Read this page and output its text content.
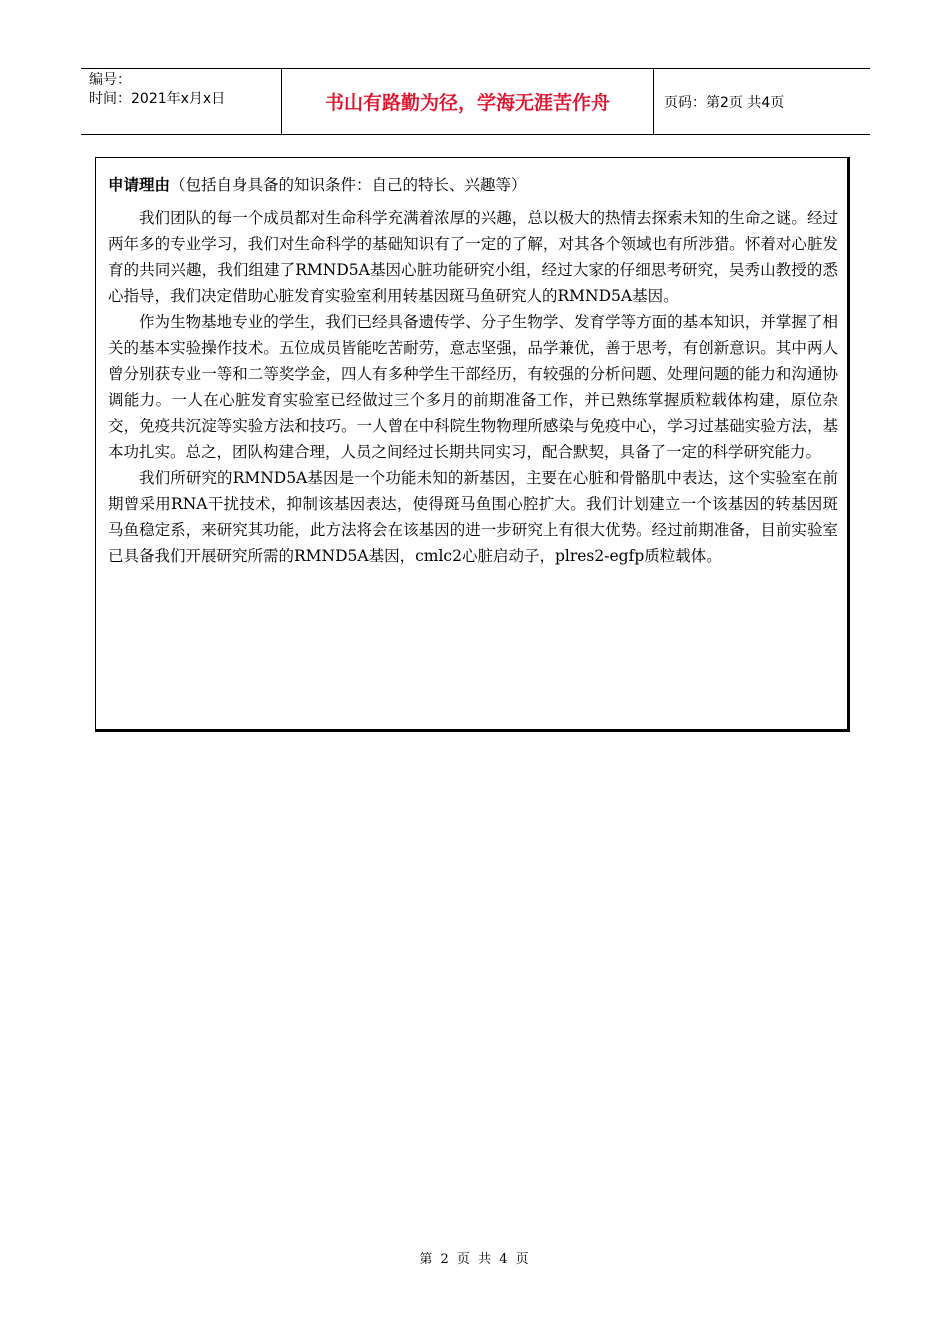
编号：
时间：2021年x月x日	书山有路勤为径，学海无涯苦作舟	页码：第2页 共4页
申请理由（包括自身具备的知识条件：自己的特长、兴趣等）

我们团队的每一个成员都对生命科学充满着浓厚的兴趣，总以极大的热情去探索未知的生命之谜。经过两年多的专业学习，我们对生命科学的基础知识有了一定的了解，对其各个领域也有所涉猎。怀着对心脏发育的共同兴趣，我们组建了RMND5A基因心脏功能研究小组，经过大家的仔细思考研究，吴秀山教授的悉心指导，我们决定借助心脏发育实验室利用转基因斑马鱼研究人的RMND5A基因。

作为生物基地专业的学生，我们已经具备遗传学、分子生物学、发育学等方面的基本知识，并掌握了相关的基本实验操作技术。五位成员皆能吃苦耐劳，意志坚强，品学兼优，善于思考，有创新意识。其中两人曾分别获专业一等和二等奖学金，四人有多种学生干部经历，有较强的分析问题、处理问题的能力和沟通协调能力。一人在心脏发育实验室已经做过三个多月的前期准备工作，并已熟练掌握质粒载体构建，原位杂交，免疫共沉淀等实验方法和技巧。一人曾在中科院生物物理所感染与免疫中心，学习过基础实验方法，基本功扎实。总之，团队构建合理，人员之间经过长期共同实习，配合默契，具备了一定的科学研究能力。

我们所研究的RMND5A基因是一个功能未知的新基因，主要在心脏和骨骼肌中表达，这个实验室在前期曾采用RNA干扰技术，抑制该基因表达，使得斑马鱼围心腔扩大。我们计划建立一个该基因的转基因斑马鱼稳定系，来研究其功能，此方法将会在该基因的进一步研究上有很大优势。经过前期准备，目前实验室已具备我们开展研究所需的RMND5A基因，cmlc2心脏启动子，plres2-egfp质粒载体。

第 2 页 共 4 页
